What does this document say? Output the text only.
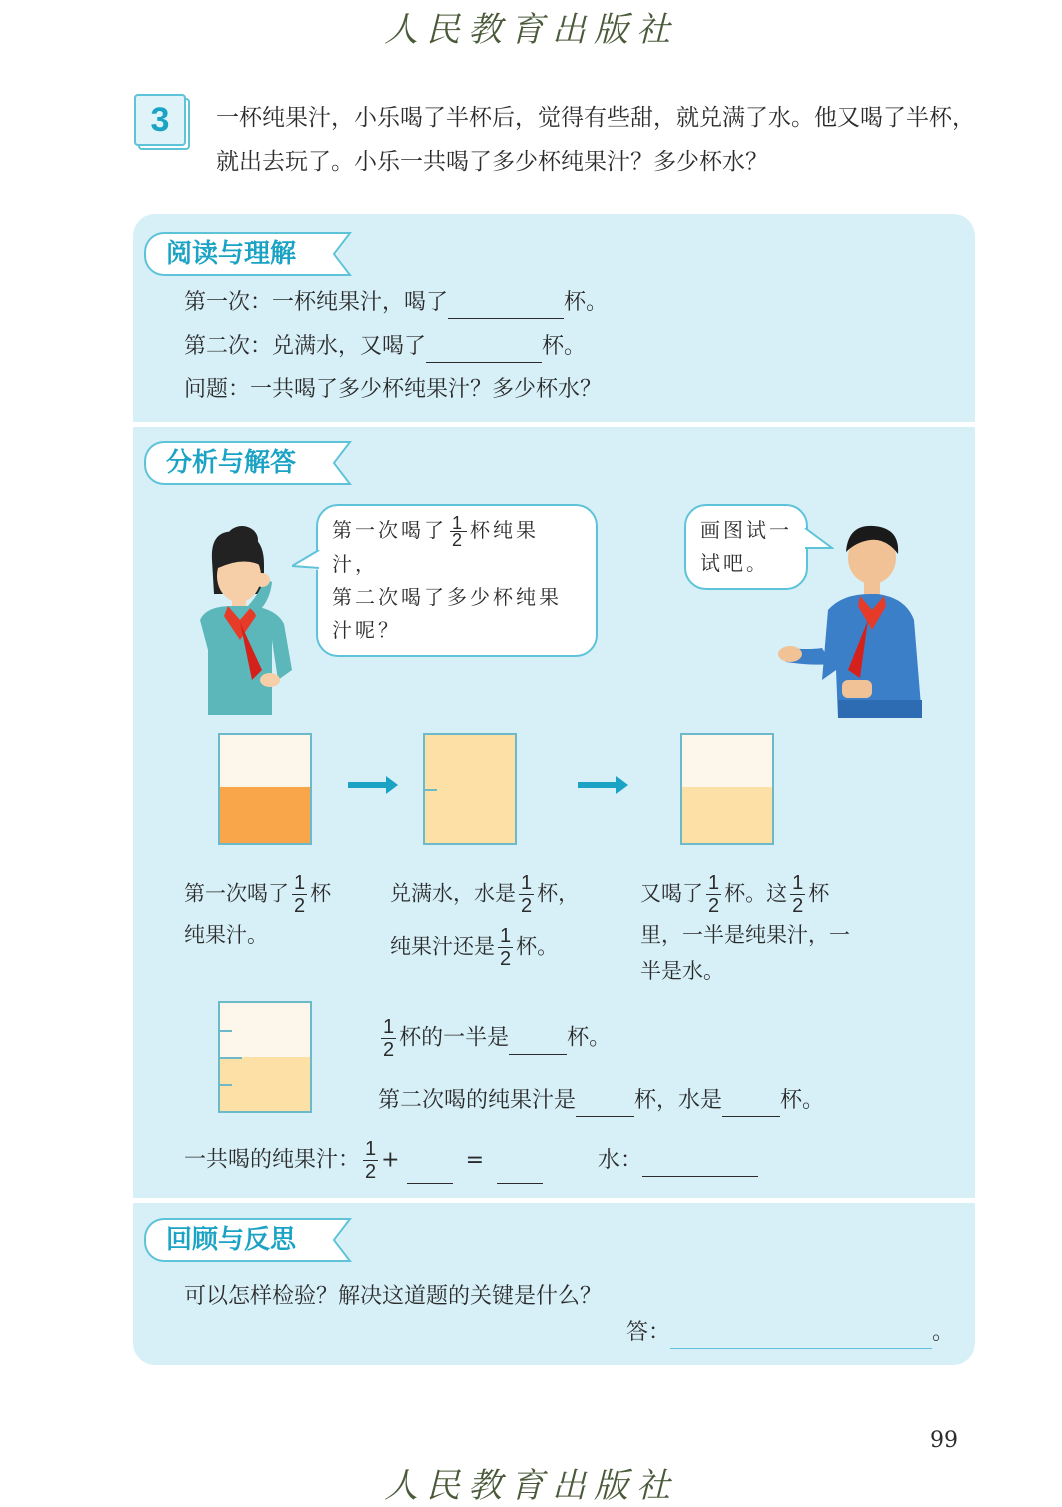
人民教育出版社
3	一杯纯果汁，小乐喝了半杯后，觉得有些甜，就兑满了水。他又喝了半杯，就出去玩了。小乐一共喝了多少杯纯果汁？多少杯水？
阅读与理解
第一次：一杯纯果汁，喝了	杯。
第二次：兑满水，又喝了	杯。
问题：一共喝了多少杯纯果汁？多少杯水？
分析与解答
第一次喝了 $\frac{1}{2}$ 杯纯果汁，
第二次喝了多少杯纯果
汁呢？
画图试一
试吧。
第一次喝了 $\frac{1}{2}$ 杯
纯果汁。
兑满水，水是 $\frac{1}{2}$ 杯，
纯果汁还是 $\frac{1}{2}$ 杯。
又喝了 $\frac{1}{2}$ 杯。这 $\frac{1}{2}$ 杯
里，一半是纯果汁，一
半是水。
$\frac{1}{2}$ 杯的一半是	杯。
第二次喝的纯果汁是	杯，水是	杯。
一共喝的纯果汁： $\frac{1}{2}$ +	=	水：
回顾与反思
可以怎样检验？解决这道题的关键是什么？
答：	。
99
人民教育出版社
